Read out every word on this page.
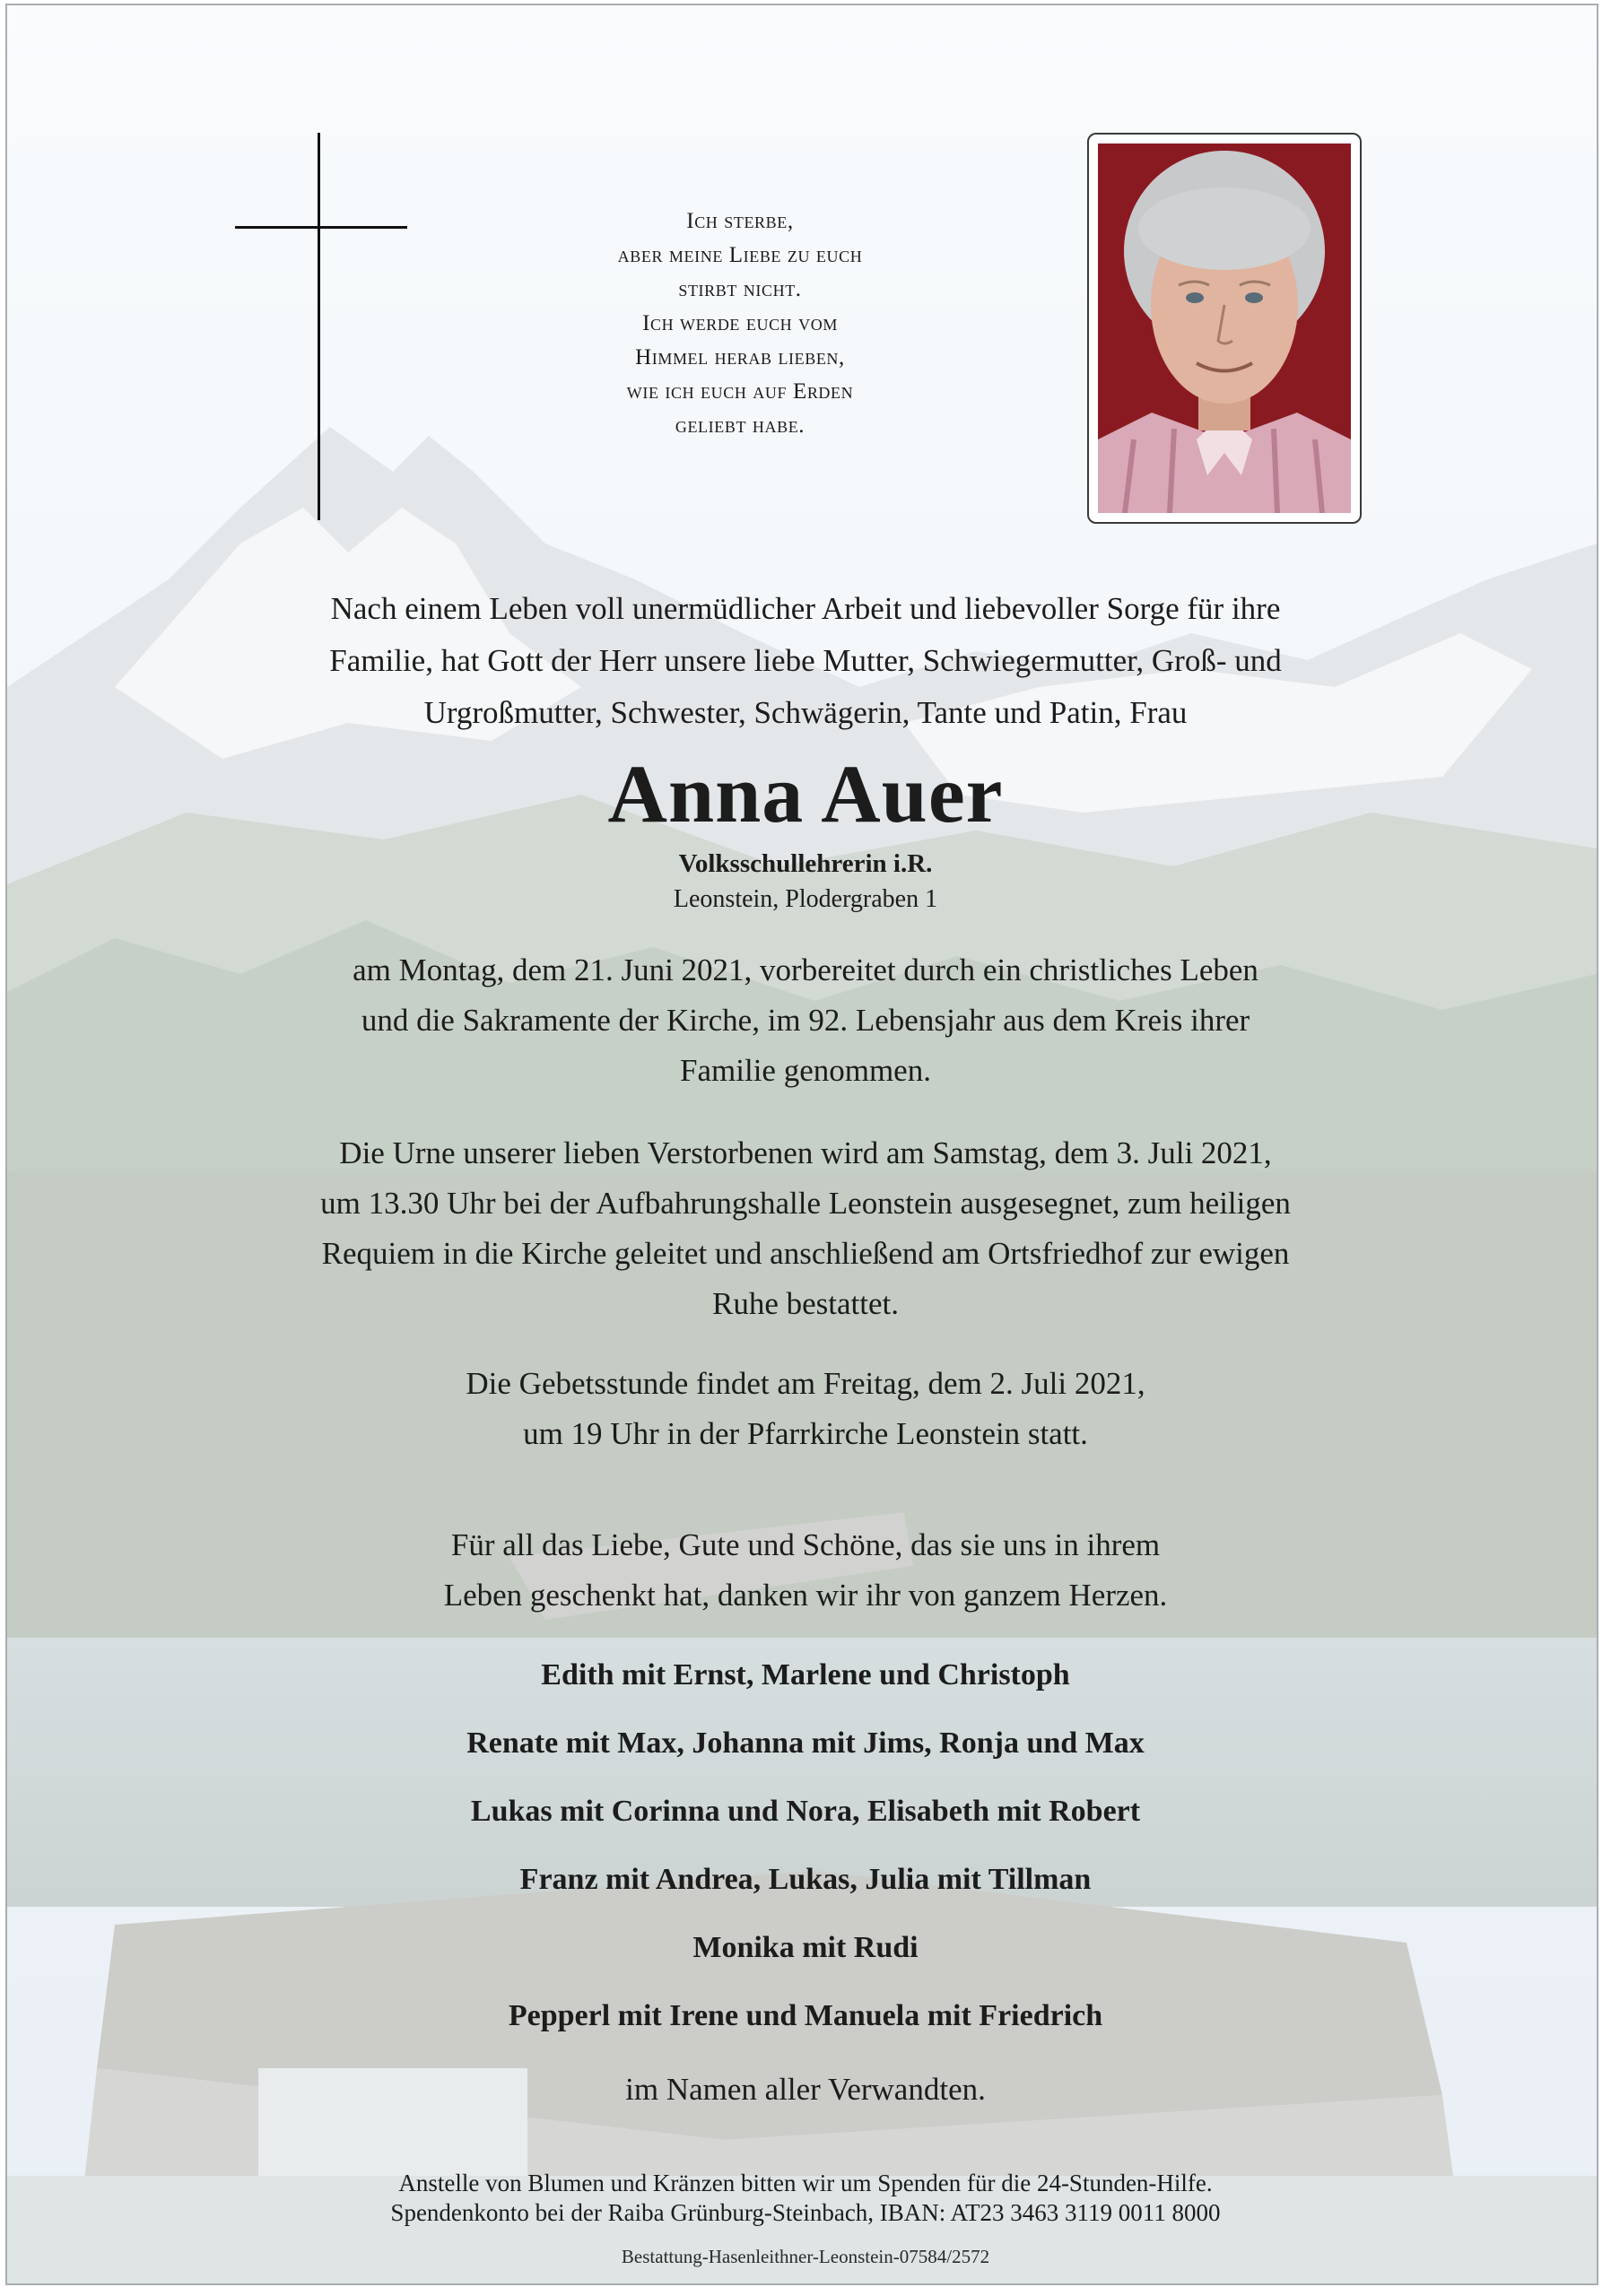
Ich sterbe,
aber meine Liebe zu euch
stirbt nicht.
Ich werde euch vom
Himmel herab lieben,
wie ich euch auf Erden
geliebt habe.
Nach einem Leben voll unermüdlicher Arbeit und liebevoller Sorge für ihre
Familie, hat Gott der Herr unsere liebe Mutter, Schwiegermutter, Groß- und
Urgroßmutter, Schwester, Schwägerin, Tante und Patin, Frau
Anna Auer
Volksschullehrerin i.R.
Leonstein, Plodergraben 1
am Montag, dem 21. Juni 2021, vorbereitet durch ein christliches Leben
und die Sakramente der Kirche, im 92. Lebensjahr aus dem Kreis ihrer
Familie genommen.
Die Urne unserer lieben Verstorbenen wird am Samstag, dem 3. Juli 2021,
um 13.30 Uhr bei der Aufbahrungshalle Leonstein ausgesegnet, zum heiligen
Requiem in die Kirche geleitet und anschließend am Ortsfriedhof zur ewigen
Ruhe bestattet.
Die Gebetsstunde findet am Freitag, dem 2. Juli 2021,
um 19 Uhr in der Pfarrkirche Leonstein statt.
Für all das Liebe, Gute und Schöne, das sie uns in ihrem
Leben geschenkt hat, danken wir ihr von ganzem Herzen.
Edith mit Ernst, Marlene und Christoph
Renate mit Max, Johanna mit Jims, Ronja und Max
Lukas mit Corinna und Nora, Elisabeth mit Robert
Franz mit Andrea, Lukas, Julia mit Tillman
Monika mit Rudi
Pepperl mit Irene und Manuela mit Friedrich
im Namen aller Verwandten.
Anstelle von Blumen und Kränzen bitten wir um Spenden für die 24-Stunden-Hilfe.
Spendenkonto bei der Raiba Grünburg-Steinbach, IBAN: AT23 3463 3119 0011 8000
Bestattung-Hasenleithner-Leonstein-07584/2572
